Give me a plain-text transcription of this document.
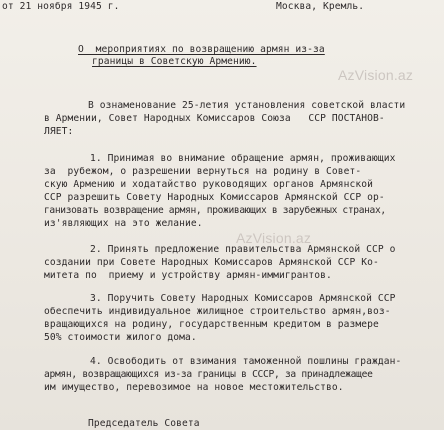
от 21 ноября 1945 г.	Москва, Кремль.
О  мероприятиях по возвращению армян из-за
границы в Советскую Армению.
AzVision.az
В ознаменование 25-летия установления советской власти
в Армении, Совет Народных Комиссаров Союза   ССР ПОСТАНОВ-
ЛЯЕТ:
1. Принимая во внимание обращение армян, проживающих
за  рубежом, о разрешении вернуться на родину в Совет-
скую Армению и ходатайство руководящих органов Армянской
ССР разрешить Совету Народных Комиссаров Армянской ССР ор-
ганизовать возвращение армян, проживающих в зарубежных странах,
из'являющих на это желание.
AzVision.az
2. Принять предложение правительства Армянской ССР о
создании при Совете Народных Комиссаров Армянской ССР Ко-
митета по  приему и устройству армян-иммигрантов.
3. Поручить Совету Народных Комиссаров Армянской ССР
обеспечить индивидуальное жилищное строительство армян,воз-
вращающихся на родину, государственным кредитом в размере
50% стоимости жилого дома.
4. Освободить от взимания таможенной пошлины граждан-
армян, возвращающихся из-за границы в СССР, за принадлежащее
им имущество, перевозимое на новое местожительство.
Председатель Совета
